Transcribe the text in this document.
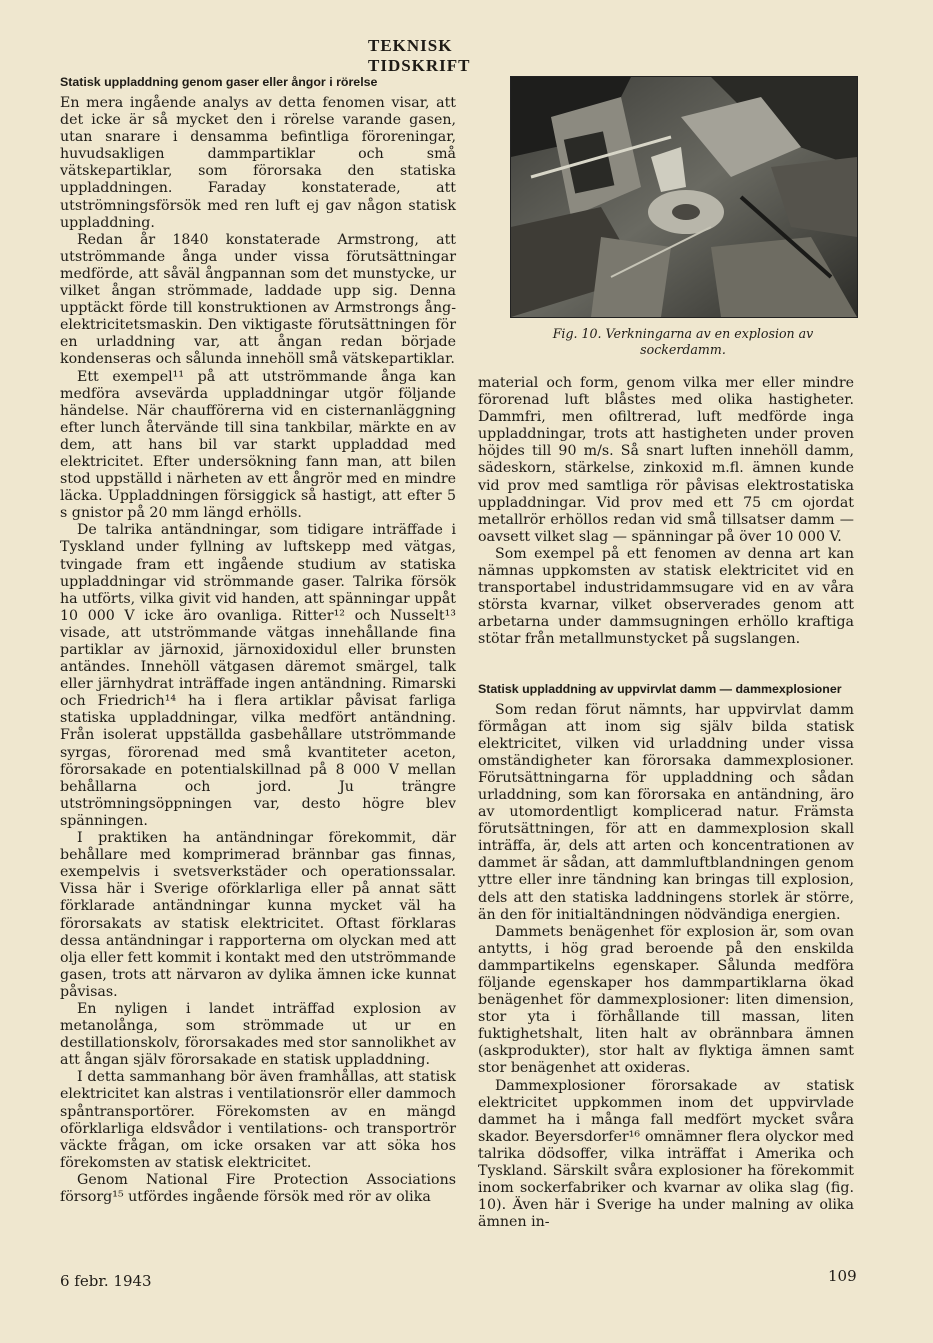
TEKNISK TIDSKRIFT
Statisk uppladdning genom gaser eller ångor i rörelse

En mera ingående analys av detta fenomen visar, att det icke är så mycket den i rörelse varande gasen, utan snarare i densamma befintliga föroreningar, huvudsakligen dammpartiklar och små vätskepartiklar, som förorsaka den statiska uppladdningen. Faraday konstaterade, att utströmningsförsök med ren luft ej gav någon statisk uppladdning.

Redan år 1840 konstaterade Armstrong, att utströmmande ånga under vissa förutsättningar medförde, att såväl ångpannan som det munstycke, ur vilket ångan strömmade, laddade upp sig. Denna upptäckt förde till konstruktionen av Armstrongs ång-elektricitetsmaskin. Den viktigaste förutsättningen för en urladdning var, att ångan redan började kondenseras och sålunda innehöll små vätskepartiklar.

Ett exempel¹¹ på att utströmmande ånga kan medföra avsevärda uppladdningar utgör följande händelse. När chaufförerna vid en cisternanläggning efter lunch återvände till sina tankbilar, märkte en av dem, att hans bil var starkt uppladdad med elektricitet. Efter undersökning fann man, att bilen stod uppställd i närheten av ett ångrör med en mindre läcka. Uppladdningen försiggick så hastigt, att efter 5 s gnistor på 20 mm längd erhölls.

De talrika antändningar, som tidigare inträffade i Tyskland under fyllning av luftskepp med vätgas, tvingade fram ett ingående studium av statiska uppladdningar vid strömmande gaser. Talrika försök ha utförts, vilka givit vid handen, att spänningar uppåt 10 000 V icke äro ovanliga. Ritter¹² och Nusselt¹³ visade, att utströmmande vätgas innehållande fina partiklar av järnoxid, järnoxidoxidul eller brunsten antändes. Innehöll vätgasen däremot smärgel, talk eller järnhydrat inträffade ingen antändning. Rimarski och Friedrich¹⁴ ha i flera artiklar påvisat farliga statiska uppladdningar, vilka medfört antändning. Från isolerat uppställda gasbehållare utströmmande syrgas, förorenad med små kvantiteter aceton, förorsakade en potentialskillnad på 8 000 V mellan behållarna och jord. Ju trängre utströmningsöppningen var, desto högre blev spänningen.

I praktiken ha antändningar förekommit, där behållare med komprimerad brännbar gas finnas, exempelvis i svetsverkstäder och operationssalar. Vissa här i Sverige oförklarliga eller på annat sätt förklarade antändningar kunna mycket väl ha förorsakats av statisk elektricitet. Oftast förklaras dessa antändningar i rapporterna om olyckan med att olja eller fett kommit i kontakt med den utströmmande gasen, trots att närvaron av dylika ämnen icke kunnat påvisas.

En nyligen i landet inträffad explosion av metanolånga, som strömmade ut ur en destillationskolv, förorsakades med stor sannolikhet av att ångan själv förorsakade en statisk uppladdning.

I detta sammanhang bör även framhållas, att statisk elektricitet kan alstras i ventilationsrör eller dammoch spåntransportörer. Förekomsten av en mängd oförklarliga eldsvådor i ventilations- och transportrör väckte frågan, om icke orsaken var att söka hos förekomsten av statisk elektricitet.

Genom National Fire Protection Associations försorg¹⁵ utfördes ingående försök med rör av olika

Fig. 10. Verkningarna av en explosion av sockerdamm.

material och form, genom vilka mer eller mindre förorenad luft blåstes med olika hastigheter. Dammfri, men ofiltrerad, luft medförde inga uppladdningar, trots att hastigheten under proven höjdes till 90 m/s. Så snart luften innehöll damm, sädeskorn, stärkelse, zinkoxid m.fl. ämnen kunde vid prov med samtliga rör påvisas elektrostatiska uppladdningar. Vid prov med ett 75 cm ojordat metallrör erhöllos redan vid små tillsatser damm — oavsett vilket slag — spänningar på över 10 000 V.

Som exempel på ett fenomen av denna art kan nämnas uppkomsten av statisk elektricitet vid en transportabel industridammsugare vid en av våra största kvarnar, vilket observerades genom att arbetarna under dammsugningen erhöllo kraftiga stötar från metallmunstycket på sugslangen.

Statisk uppladdning av uppvirvlat damm — dammexplosioner

Som redan förut nämnts, har uppvirvlat damm förmågan att inom sig själv bilda statisk elektricitet, vilken vid urladdning under vissa omständigheter kan förorsaka dammexplosioner. Förutsättningarna för uppladdning och sådan urladdning, som kan förorsaka en antändning, äro av utomordentligt komplicerad natur. Främsta förutsättningen, för att en dammexplosion skall inträffa, är, dels att arten och koncentrationen av dammet är sådan, att dammluftblandningen genom yttre eller inre tändning kan bringas till explosion, dels att den statiska laddningens storlek är större, än den för initialtändningen nödvändiga energien.

Dammets benägenhet för explosion är, som ovan antytts, i hög grad beroende på den enskilda dammpartikelns egenskaper. Sålunda medföra följande egenskaper hos dammpartiklarna ökad benägenhet för dammexplosioner: liten dimension, stor yta i förhållande till massan, liten fuktighetshalt, liten halt av obrännbara ämnen (askprodukter), stor halt av flyktiga ämnen samt stor benägenhet att oxideras.

Dammexplosioner förorsakade av statisk elektricitet uppkommen inom det uppvirvlade dammet ha i många fall medfört mycket svåra skador. Beyersdorfer¹⁶ omnämner flera olyckor med talrika dödsoffer, vilka inträffat i Amerika och Tyskland. Särskilt svåra explosioner ha förekommit inom sockerfabriker och kvarnar av olika slag (fig. 10). Även här i Sverige ha under malning av olika ämnen in-

6 febr. 1943	109
